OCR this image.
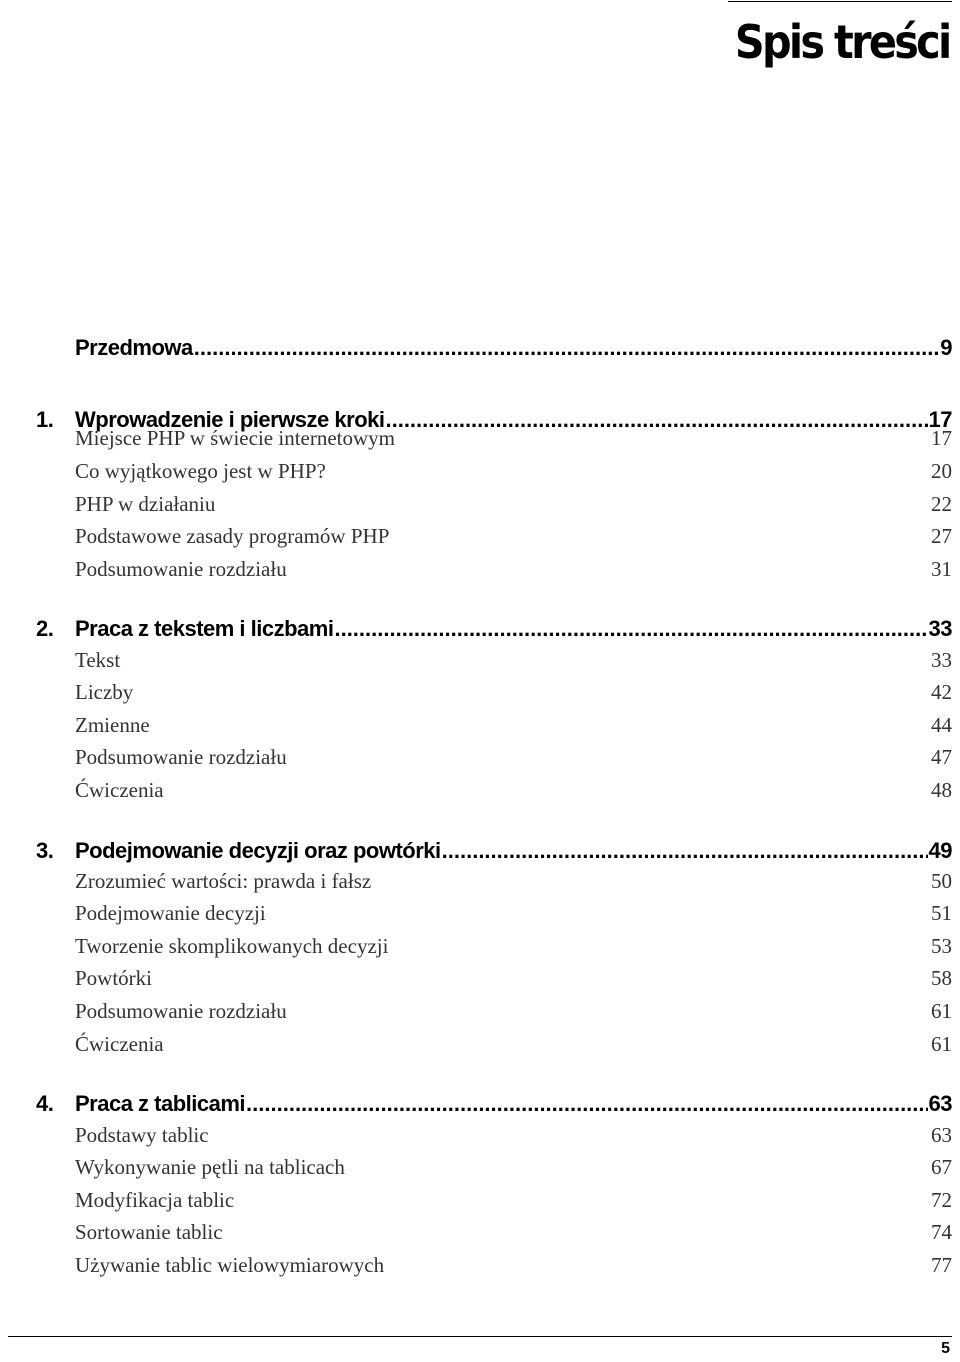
Spis treści
Przedmowa .....	9
1. Wprowadzenie i pierwsze kroki .....	17
Miejsce PHP w świecie internetowym	17
Co wyjątkowego jest w PHP?	20
PHP w działaniu	22
Podstawowe zasady programów PHP	27
Podsumowanie rozdziału	31
2. Praca z tekstem i liczbami .....	33
Tekst	33
Liczby	42
Zmienne	44
Podsumowanie rozdziału	47
Ćwiczenia	48
3. Podejmowanie decyzji oraz powtórki .....	49
Zrozumieć wartości: prawda i fałsz	50
Podejmowanie decyzji	51
Tworzenie skomplikowanych decyzji	53
Powtórki	58
Podsumowanie rozdziału	61
Ćwiczenia	61
4. Praca z tablicami .....	63
Podstawy tablic	63
Wykonywanie pętli na tablicach	67
Modyfikacja tablic	72
Sortowanie tablic	74
Używanie tablic wielowymiarowych	77
5
